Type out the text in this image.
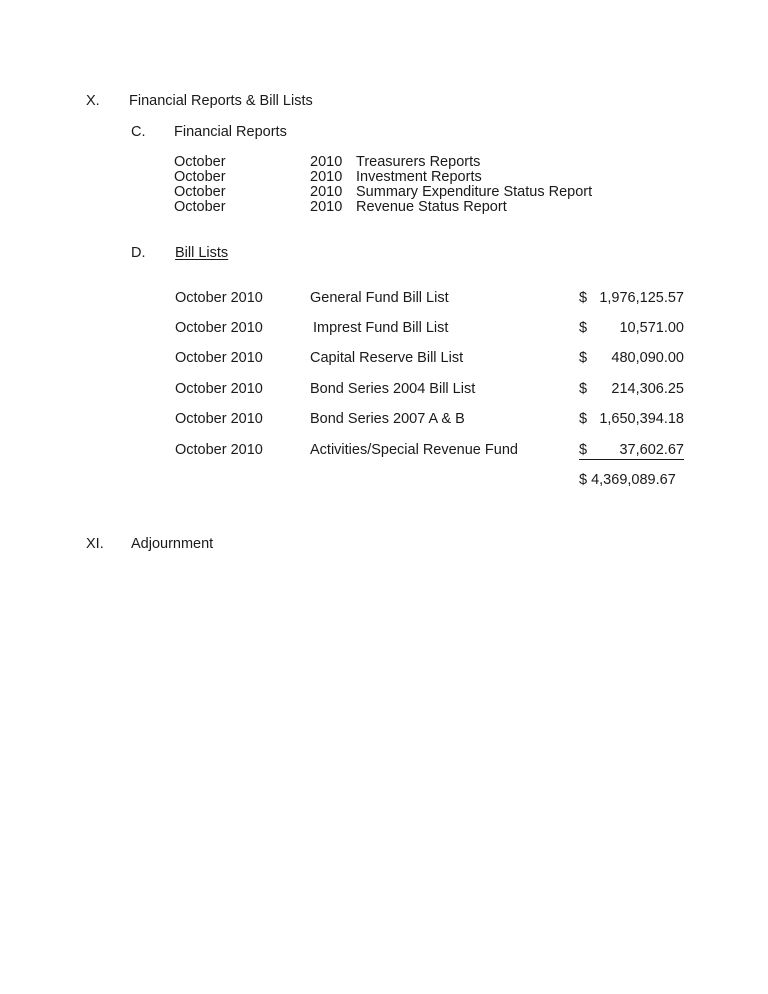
X. Financial Reports & Bill Lists
C. Financial Reports
October	2010 Treasurers Reports
October	2010 Investment Reports
October	2010 Summary Expenditure Status Report
October	2010 Revenue Status Report
D. Bill Lists
October 2010	General Fund Bill List	$ 1,976,125.57
October 2010	Imprest Fund Bill List	$ 10,571.00
October 2010	Capital Reserve Bill List	$ 480,090.00
October 2010	Bond Series 2004 Bill List	$ 214,306.25
October 2010	Bond Series 2007 A & B	$ 1,650,394.18
October 2010	Activities/Special Revenue Fund	$ 37,602.67
$ 4,369,089.67
XI. Adjournment
